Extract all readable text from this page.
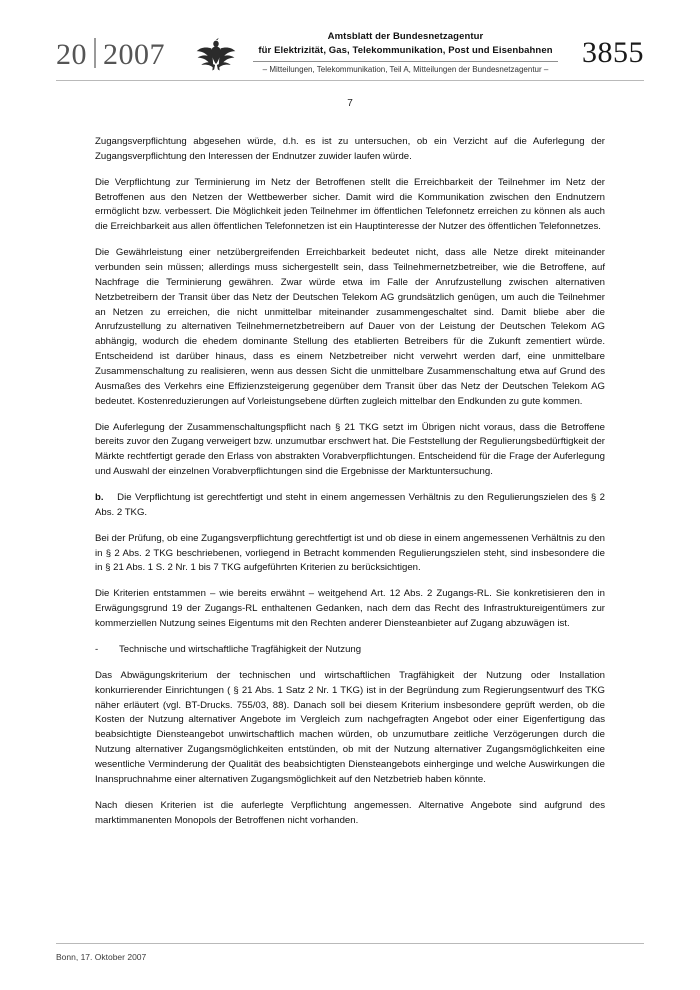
20 2007
Amtsblatt der Bundesnetzagentur
für Elektrizität, Gas, Telekommunikation, Post und Eisenbahnen
– Mitteilungen, Telekommunikation, Teil A, Mitteilungen der Bundesnetzagentur –
3855
7

Zugangsverpflichtung abgesehen würde, d.h. es ist zu untersuchen, ob ein Verzicht auf die Auferlegung der Zugangsverpflichtung den Interessen der Endnutzer zuwider laufen würde.

Die Verpflichtung zur Terminierung im Netz der Betroffenen stellt die Erreichbarkeit der Teilnehmer im Netz der Betroffenen aus den Netzen der Wettbewerber sicher. Damit wird die Kommunikation zwischen den Endnutzern ermöglicht bzw. verbessert. Die Möglichkeit jeden Teilnehmer im öffentlichen Telefonnetz erreichen zu können als auch die Erreichbarkeit aus allen öffentlichen Telefonnetzen ist ein Hauptinteresse der Nutzer des öffentlichen Telefonnetzes.

Die Gewährleistung einer netzübergreifenden Erreichbarkeit bedeutet nicht, dass alle Netze direkt miteinander verbunden sein müssen; allerdings muss sichergestellt sein, dass Teilnehmernetzbetreiber, wie die Betroffene, auf Nachfrage die Terminierung gewähren. Zwar würde etwa im Falle der Anrufzustellung zwischen alternativen Netzbetreibern der Transit über das Netz der Deutschen Telekom AG grundsätzlich genügen, um auch die Teilnehmer an Netzen zu erreichen, die nicht unmittelbar miteinander zusammengeschaltet sind. Damit bliebe aber die Anrufzustellung zu alternativen Teilnehmernetzbetreibern auf Dauer von der Leistung der Deutschen Telekom AG abhängig, wodurch die ehedem dominante Stellung des etablierten Betreibers für die Zukunft zementiert würde. Entscheidend ist darüber hinaus, dass es einem Netzbetreiber nicht verwehrt werden darf, eine unmittelbare Zusammenschaltung zu realisieren, wenn aus dessen Sicht die unmittelbare Zusammenschaltung etwa auf Grund des Ausmaßes des Verkehrs eine Effizienzsteigerung gegenüber dem Transit über das Netz der Deutschen Telekom AG bedeutet. Kostenreduzierungen auf Vorleistungsebene dürften zugleich mittelbar den Endkunden zu gute kommen.

Die Auferlegung der Zusammenschaltungspflicht nach § 21 TKG setzt im Übrigen nicht voraus, dass die Betroffene bereits zuvor den Zugang verweigert bzw. unzumutbar erschwert hat. Die Feststellung der Regulierungsbedürftigkeit der Märkte rechtfertigt gerade den Erlass von abstrakten Vorabverpflichtungen. Entscheidend für die Frage der Auferlegung und Auswahl der einzelnen Vorabverpflichtungen sind die Ergebnisse der Marktuntersuchung.

b. Die Verpflichtung ist gerechtfertigt und steht in einem angemessen Verhältnis zu den Regulierungszielen des § 2 Abs. 2 TKG.

Bei der Prüfung, ob eine Zugangsverpflichtung gerechtfertigt ist und ob diese in einem angemessenen Verhältnis zu den in § 2 Abs. 2 TKG beschriebenen, vorliegend in Betracht kommenden Regulierungszielen steht, sind insbesondere die in § 21 Abs. 1 S. 2 Nr. 1 bis 7 TKG aufgeführten Kriterien zu berücksichtigen.

Die Kriterien entstammen – wie bereits erwähnt – weitgehend Art. 12 Abs. 2 Zugangs-RL. Sie konkretisieren den in Erwägungsgrund 19 der Zugangs-RL enthaltenen Gedanken, nach dem das Recht des Infrastruktureigentümers zur kommerziellen Nutzung seines Eigentums mit den Rechten anderer Diensteanbieter auf Zugang abzuwägen ist.

-	Technische und wirtschaftliche Tragfähigkeit der Nutzung

Das Abwägungskriterium der technischen und wirtschaftlichen Tragfähigkeit der Nutzung oder Installation konkurrierender Einrichtungen ( § 21 Abs. 1 Satz 2 Nr. 1 TKG) ist in der Begründung zum Regierungsentwurf des TKG näher erläutert (vgl. BT-Drucks. 755/03, 88). Danach soll bei diesem Kriterium insbesondere geprüft werden, ob die Kosten der Nutzung alternativer Angebote im Vergleich zum nachgefragten Angebot oder einer Eigenfertigung das beabsichtigte Diensteangebot unwirtschaftlich machen würden, ob unzumutbare zeitliche Verzögerungen durch die Nutzung alternativer Zugangsmöglichkeiten entstünden, ob mit der Nutzung alternativer Zugangsmöglichkeiten eine wesentliche Verminderung der Qualität des beabsichtigten Diensteangebots einherginge und welche Auswirkungen die Inanspruchnahme einer alternativen Zugangsmöglichkeit auf den Netzbetrieb haben könnte.

Nach diesen Kriterien ist die auferlegte Verpflichtung angemessen. Alternative Angebote sind aufgrund des marktimmanenten Monopols der Betroffenen nicht vorhanden.

Bonn, 17. Oktober 2007
